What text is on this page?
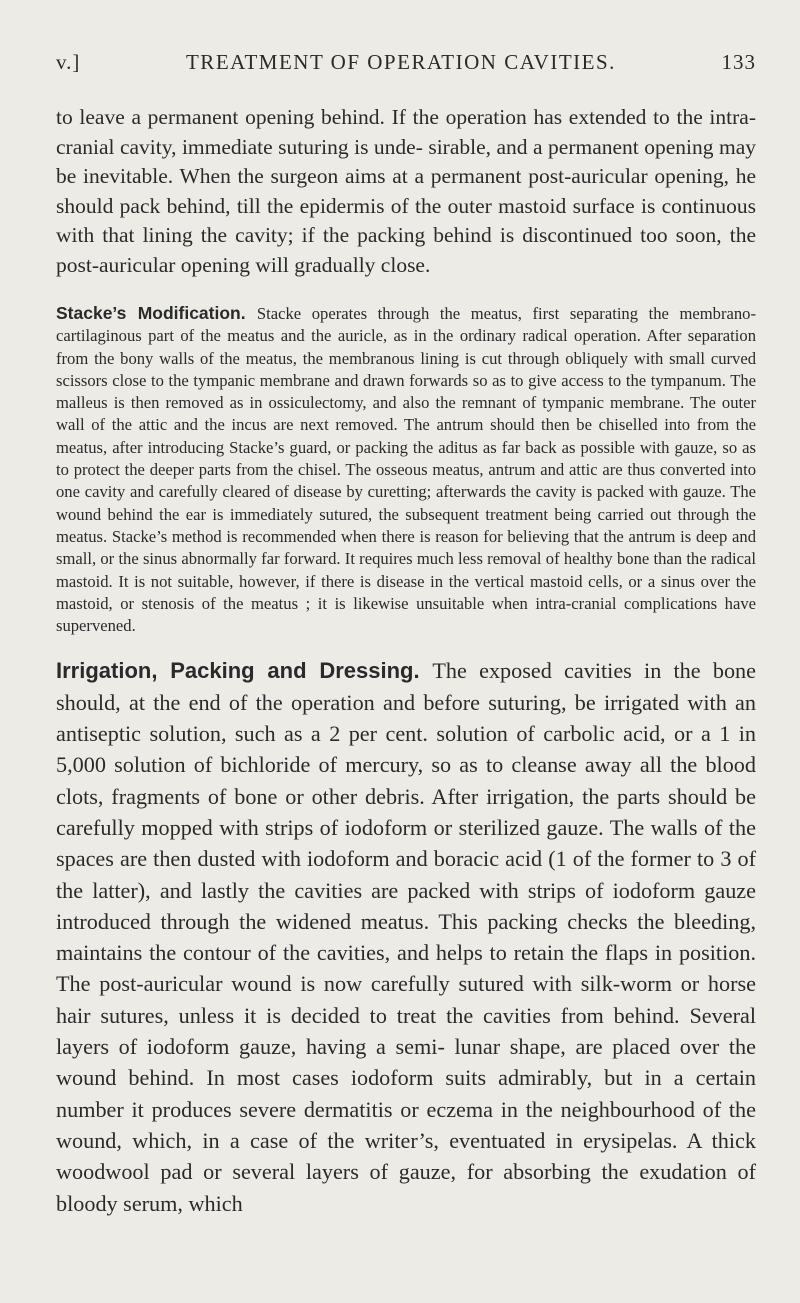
v.]	TREATMENT OF OPERATION CAVITIES.	133

to leave a permanent opening behind. If the operation has extended to the intra-cranial cavity, immediate suturing is unde- sirable, and a permanent opening may be inevitable. When the surgeon aims at a permanent post-auricular opening, he should pack behind, till the epidermis of the outer mastoid surface is continuous with that lining the cavity; if the packing behind is discontinued too soon, the post-auricular opening will gradually close.

Stacke’s Modification. Stacke operates through the meatus, first separating the membrano-cartilaginous part of the meatus and the auricle, as in the ordinary radical operation. After separation from the bony walls of the meatus, the membranous lining is cut through obliquely with small curved scissors close to the tympanic membrane and drawn forwards so as to give access to the tympanum. The malleus is then removed as in ossiculectomy, and also the remnant of tympanic membrane. The outer wall of the attic and the incus are next removed. The antrum should then be chiselled into from the meatus, after introducing Stacke’s guard, or packing the aditus as far back as possible with gauze, so as to protect the deeper parts from the chisel. The osseous meatus, antrum and attic are thus converted into one cavity and carefully cleared of disease by curetting; afterwards the cavity is packed with gauze. The wound behind the ear is immediately sutured, the subsequent treatment being carried out through the meatus. Stacke’s method is recommended when there is reason for believing that the antrum is deep and small, or the sinus abnormally far forward. It requires much less removal of healthy bone than the radical mastoid. It is not suitable, however, if there is disease in the vertical mastoid cells, or a sinus over the mastoid, or stenosis of the meatus ; it is likewise unsuitable when intra-cranial complications have supervened.

Irrigation, Packing and Dressing. The exposed cavities in the bone should, at the end of the operation and before suturing, be irrigated with an antiseptic solution, such as a 2 per cent. solution of carbolic acid, or a 1 in 5,000 solution of bichloride of mercury, so as to cleanse away all the blood clots, fragments of bone or other debris. After irrigation, the parts should be carefully mopped with strips of iodoform or sterilized gauze. The walls of the spaces are then dusted with iodoform and boracic acid (1 of the former to 3 of the latter), and lastly the cavities are packed with strips of iodoform gauze introduced through the widened meatus. This packing checks the bleeding, maintains the contour of the cavities, and helps to retain the flaps in position. The post-auricular wound is now carefully sutured with silk-worm or horse hair sutures, unless it is decided to treat the cavities from behind. Several layers of iodoform gauze, having a semi- lunar shape, are placed over the wound behind. In most cases iodoform suits admirably, but in a certain number it produces severe dermatitis or eczema in the neighbourhood of the wound, which, in a case of the writer’s, eventuated in erysipelas. A thick woodwool pad or several layers of gauze, for absorbing the exudation of bloody serum, which
